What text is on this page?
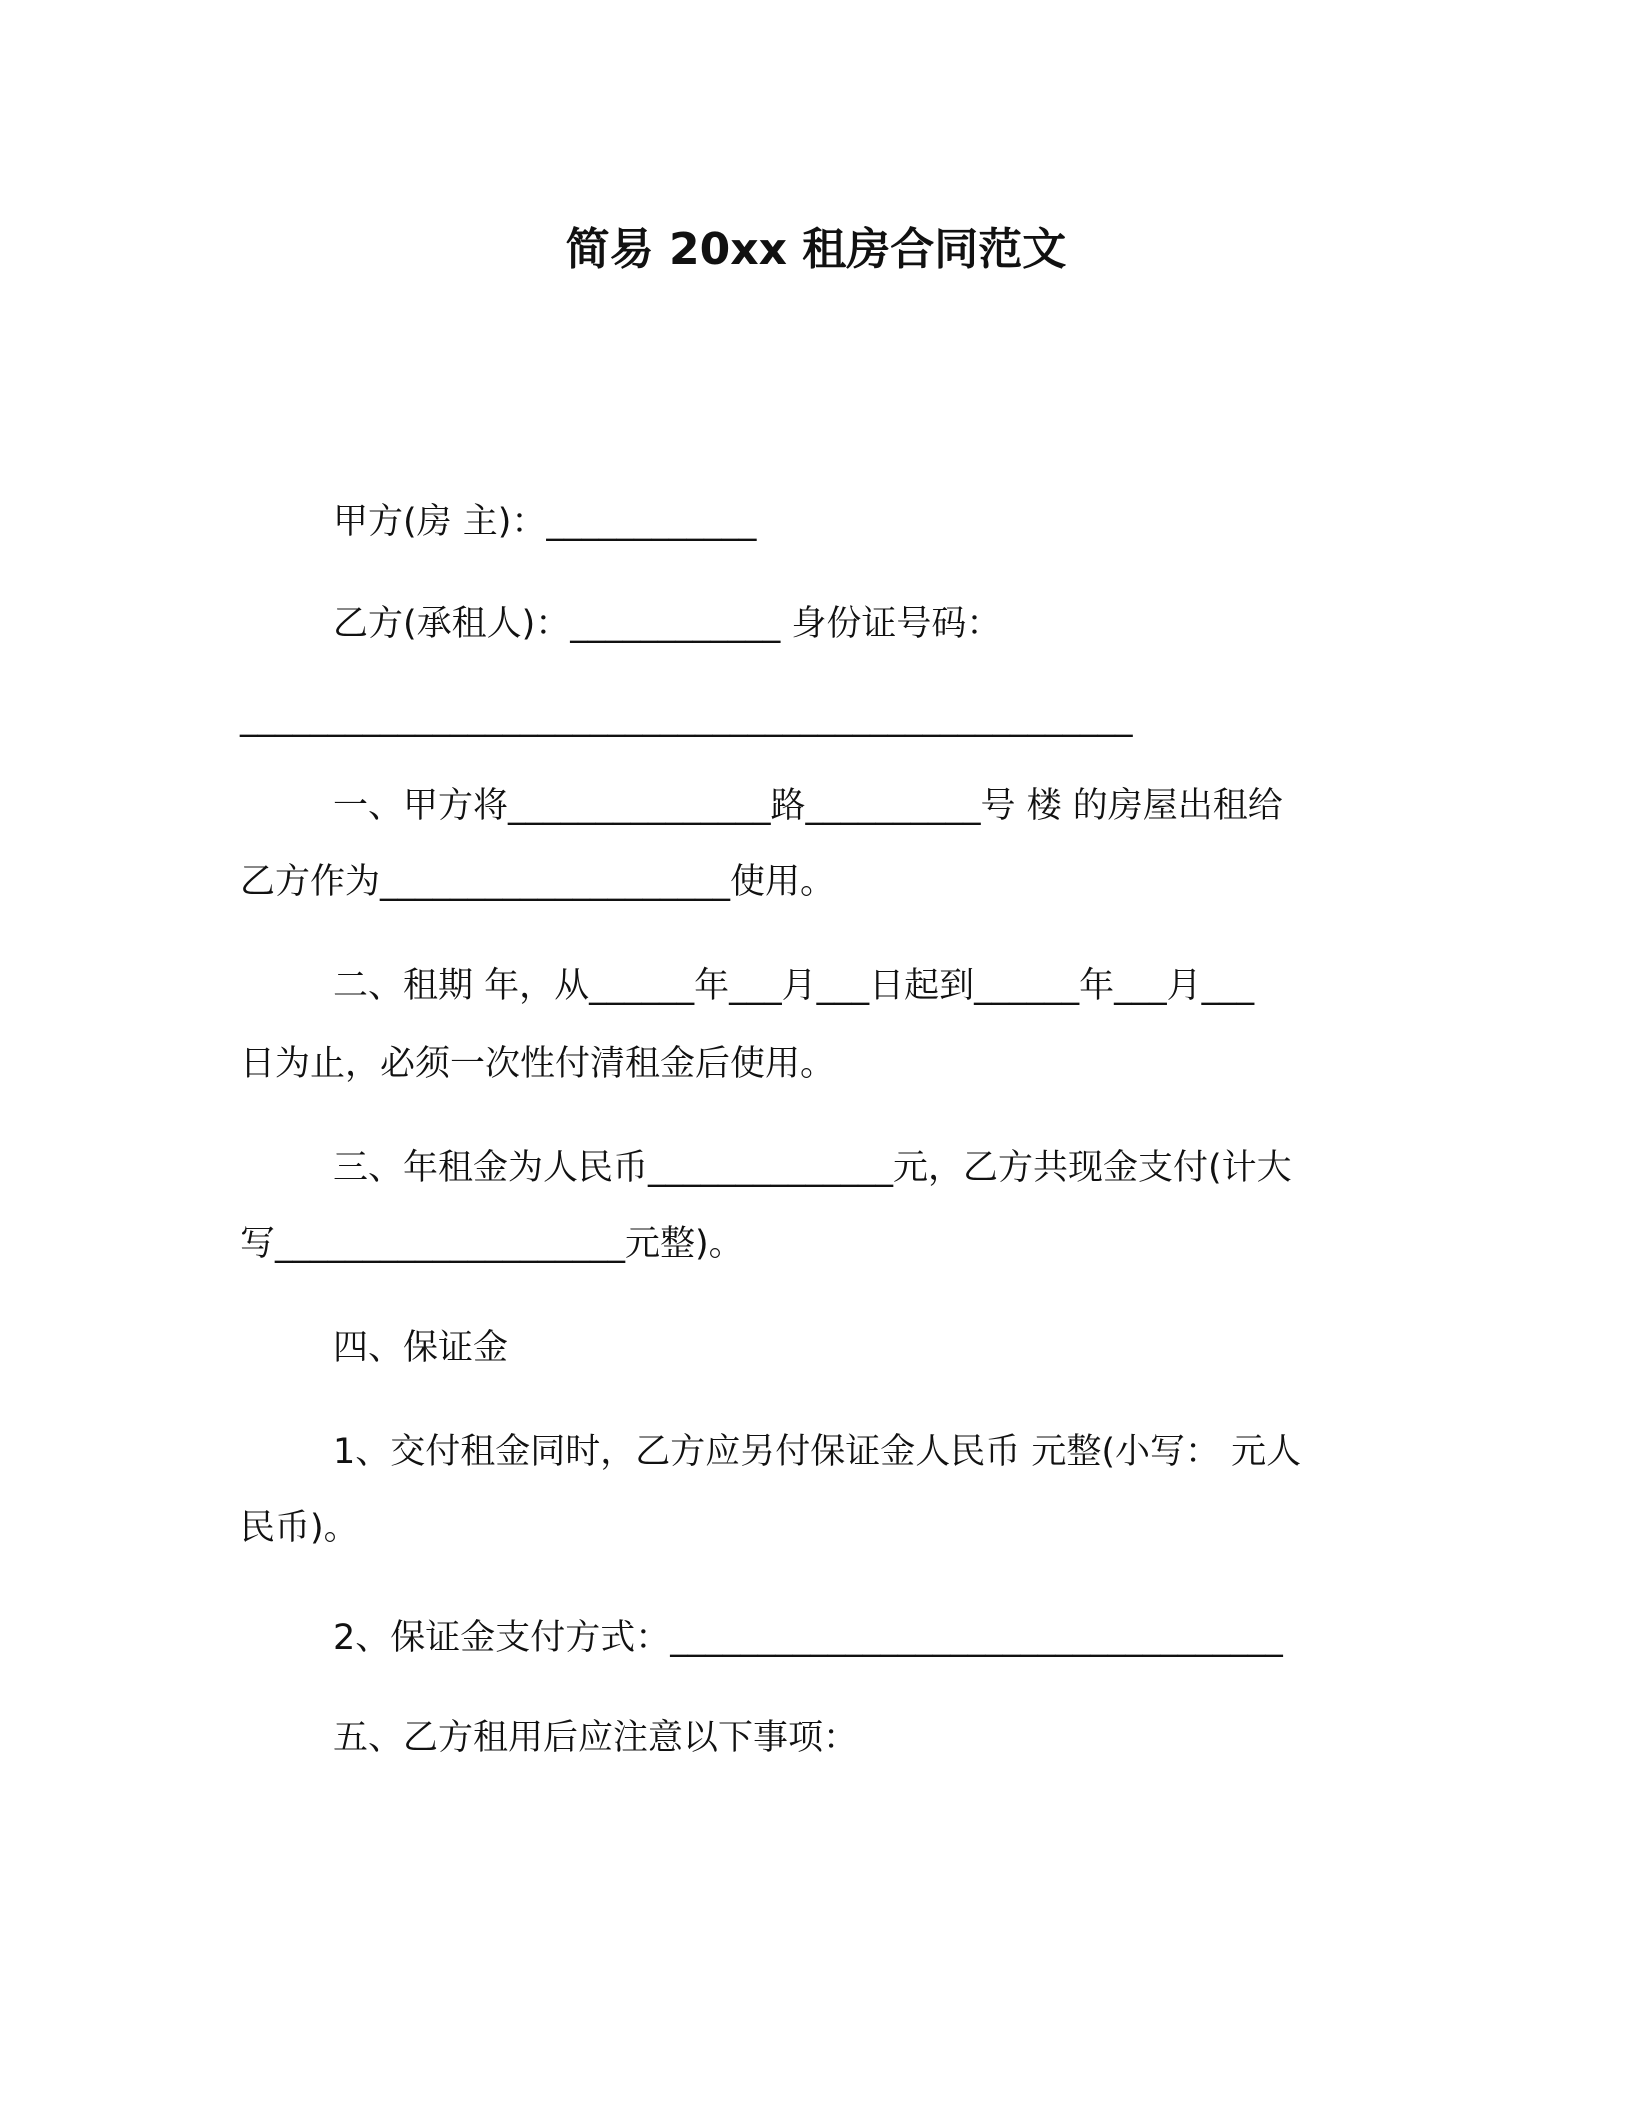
简易 20xx 租房合同范文
甲方(房 主)：____________
乙方(承租人)：____________ 身份证号码：
___________________________________________________
一、甲方将_______________路__________号 楼 的房屋出租给
乙方作为____________________使用。
二、租期 年，从______年___月___日起到______年___月___
日为止，必须一次性付清租金后使用。
三、年租金为人民币______________元，乙方共现金支付(计大
写____________________元整)。
四、保证金
1、交付租金同时，乙方应另付保证金人民币 元整(小写： 元人
民币)。
2、保证金支付方式：___________________________________
五、乙方租用后应注意以下事项：
